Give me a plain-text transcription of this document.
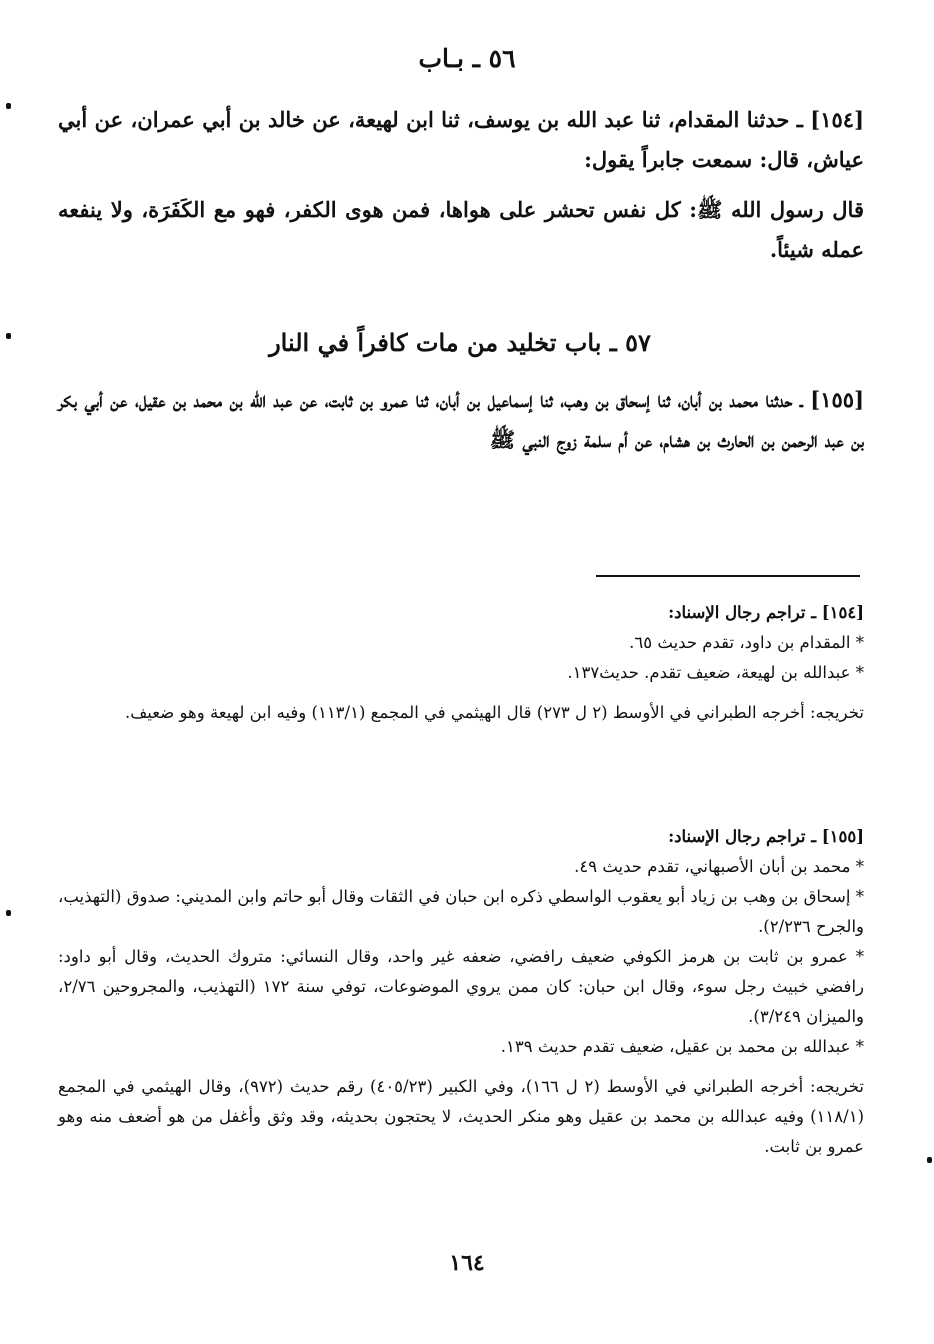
٥٦ ـ بـاب

[١٥٤] ـ حدثنا المقدام، ثنا عبد الله بن يوسف، ثنا ابن لهيعة، عن خالد بن أبي عمران، عن أبي عياش، قال: سمعت جابراً يقول:

قال رسول الله ﷺ: كل نفس تحشر على هواها، فمن هوى الكفر، فهو مع الكَفَرَة، ولا ينفعه عمله شيئاً.

٥٧ ـ باب تخليد من مات كافراً في النار

[١٥٥] ـ حدثنا محمد بن أبان، ثنا إسحاق بن وهب، ثنا إسماعيل بن أبان، ثنا عمرو بن ثابت، عن عبد الله بن محمد بن عقيل، عن أبي بكر بن عبد الرحمن بن الحارث بن هشام، عن أم سلمة زوج النبي ﷺ

[١٥٤] ـ تراجم رجال الإسناد:

* المقدام بن داود، تقدم حديث ٦٥.

* عبدالله بن لهيعة، ضعيف تقدم. حديث١٣٧.

تخريجه: أخرجه الطبراني في الأوسط (٢ ل ٢٧٣) قال الهيثمي في المجمع (١١٣/١) وفيه ابن لهيعة وهو ضعيف.

[١٥٥] ـ تراجم رجال الإسناد:

* محمد بن أبان الأصبهاني، تقدم حديث ٤٩.

* إسحاق بن وهب بن زياد أبو يعقوب الواسطي ذكره ابن حبان في الثقات وقال أبو حاتم وابن المديني: صدوق (التهذيب، والجرح ٢/٢٣٦).

* عمرو بن ثابت بن هرمز الكوفي ضعيف رافضي، ضعفه غير واحد، وقال النسائي: متروك الحديث، وقال أبو داود: رافضي خبيث رجل سوء، وقال ابن حبان: كان ممن يروي الموضوعات، توفي سنة ١٧٢ (التهذيب، والمجروحين ٢/٧٦، والميزان ٣/٢٤٩).

* عبدالله بن محمد بن عقيل، ضعيف تقدم حديث ١٣٩.

تخريجه: أخرجه الطبراني في الأوسط (٢ ل ١٦٦)، وفي الكبير (٤٠٥/٢٣) رقم حديث (٩٧٢)، وقال الهيثمي في المجمع (١١٨/١) وفيه عبدالله بن محمد بن عقيل وهو منكر الحديث، لا يحتجون بحديثه، وقد وثق وأغفل من هو أضعف منه وهو عمرو بن ثابت.

١٦٤
